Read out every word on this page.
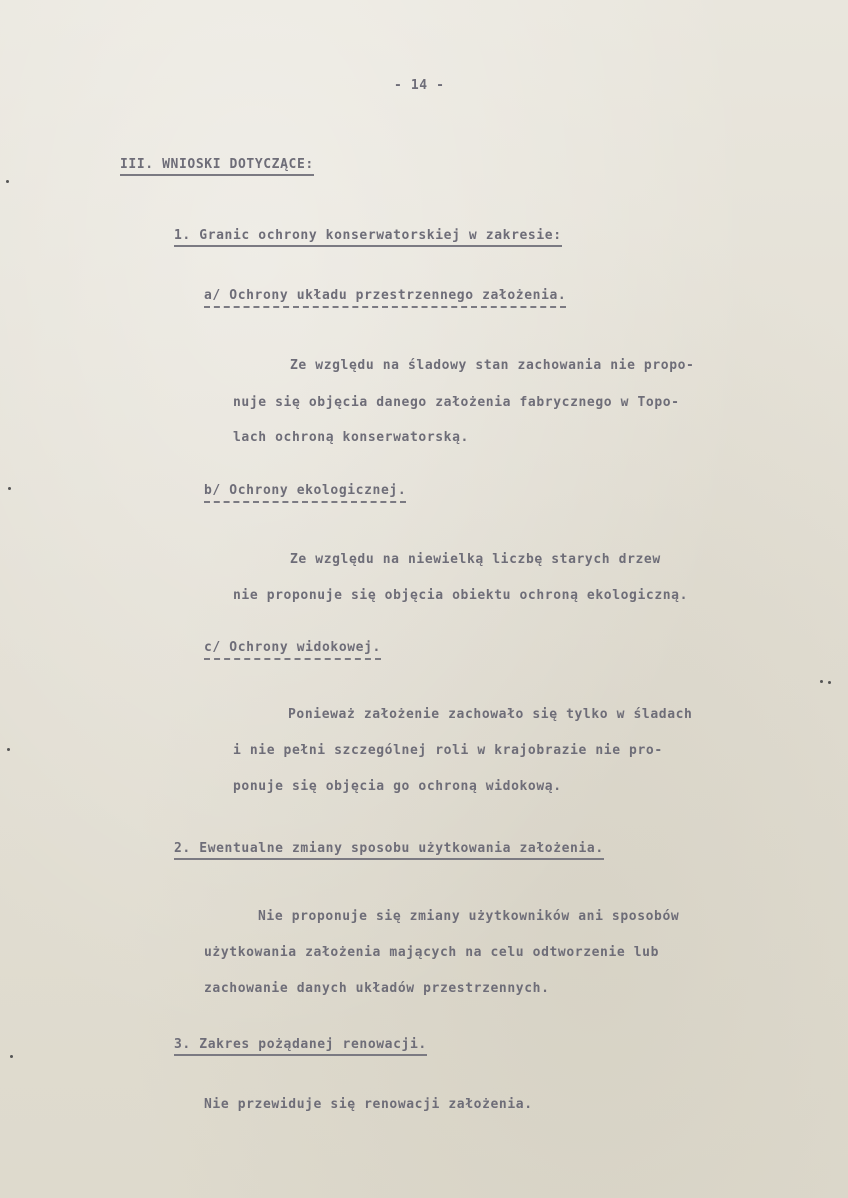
- 14 -
III. WNIOSKI DOTYCZĄCE:
1. Granic ochrony konserwatorskiej w zakresie:
a/ Ochrony układu przestrzennego założenia.
Ze względu na śladowy stan zachowania nie propo-
nuje się objęcia danego założenia fabrycznego w Topo-
lach ochroną konserwatorską.
b/ Ochrony ekologicznej.
Ze względu na niewielką liczbę starych drzew
nie proponuje się objęcia obiektu ochroną ekologiczną.
c/ Ochrony widokowej.
Ponieważ założenie zachowało się tylko w śladach
i nie pełni szczególnej roli w krajobrazie nie pro-
ponuje się objęcia go ochroną widokową.
2. Ewentualne zmiany sposobu użytkowania założenia.
Nie proponuje się zmiany użytkowników ani sposobów
użytkowania założenia mających na celu odtworzenie lub
zachowanie danych układów przestrzennych.
3. Zakres pożądanej renowacji.
Nie przewiduje się renowacji założenia.
